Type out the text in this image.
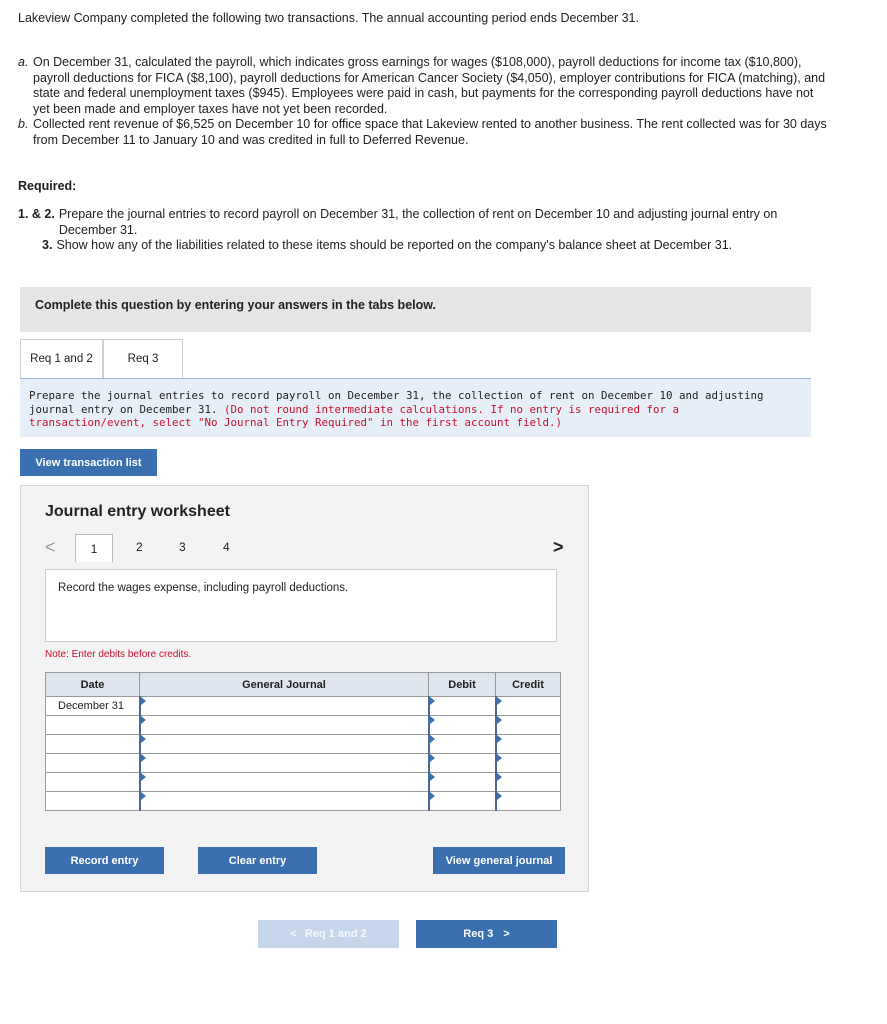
Lakeview Company completed the following two transactions. The annual accounting period ends December 31.
a. On December 31, calculated the payroll, which indicates gross earnings for wages ($108,000), payroll deductions for income tax ($10,800), payroll deductions for FICA ($8,100), payroll deductions for American Cancer Society ($4,050), employer contributions for FICA (matching), and state and federal unemployment taxes ($945). Employees were paid in cash, but payments for the corresponding payroll deductions have not yet been made and employer taxes have not yet been recorded.
b. Collected rent revenue of $6,525 on December 10 for office space that Lakeview rented to another business. The rent collected was for 30 days from December 11 to January 10 and was credited in full to Deferred Revenue.
Required:
1. & 2. Prepare the journal entries to record payroll on December 31, the collection of rent on December 10 and adjusting journal entry on December 31.
3. Show how any of the liabilities related to these items should be reported on the company's balance sheet at December 31.
Complete this question by entering your answers in the tabs below.
Req 1 and 2	Req 3
Prepare the journal entries to record payroll on December 31, the collection of rent on December 10 and adjusting journal entry on December 31. (Do not round intermediate calculations. If no entry is required for a transaction/event, select "No Journal Entry Required" in the first account field.)
View transaction list
Journal entry worksheet
<	1	2	3	4	>
Record the wages expense, including payroll deductions.
Note: Enter debits before credits.
Date	General Journal	Debit	Credit
December 31	

Record entry	Clear entry	View general journal
< Req 1 and 2	Req 3 >
